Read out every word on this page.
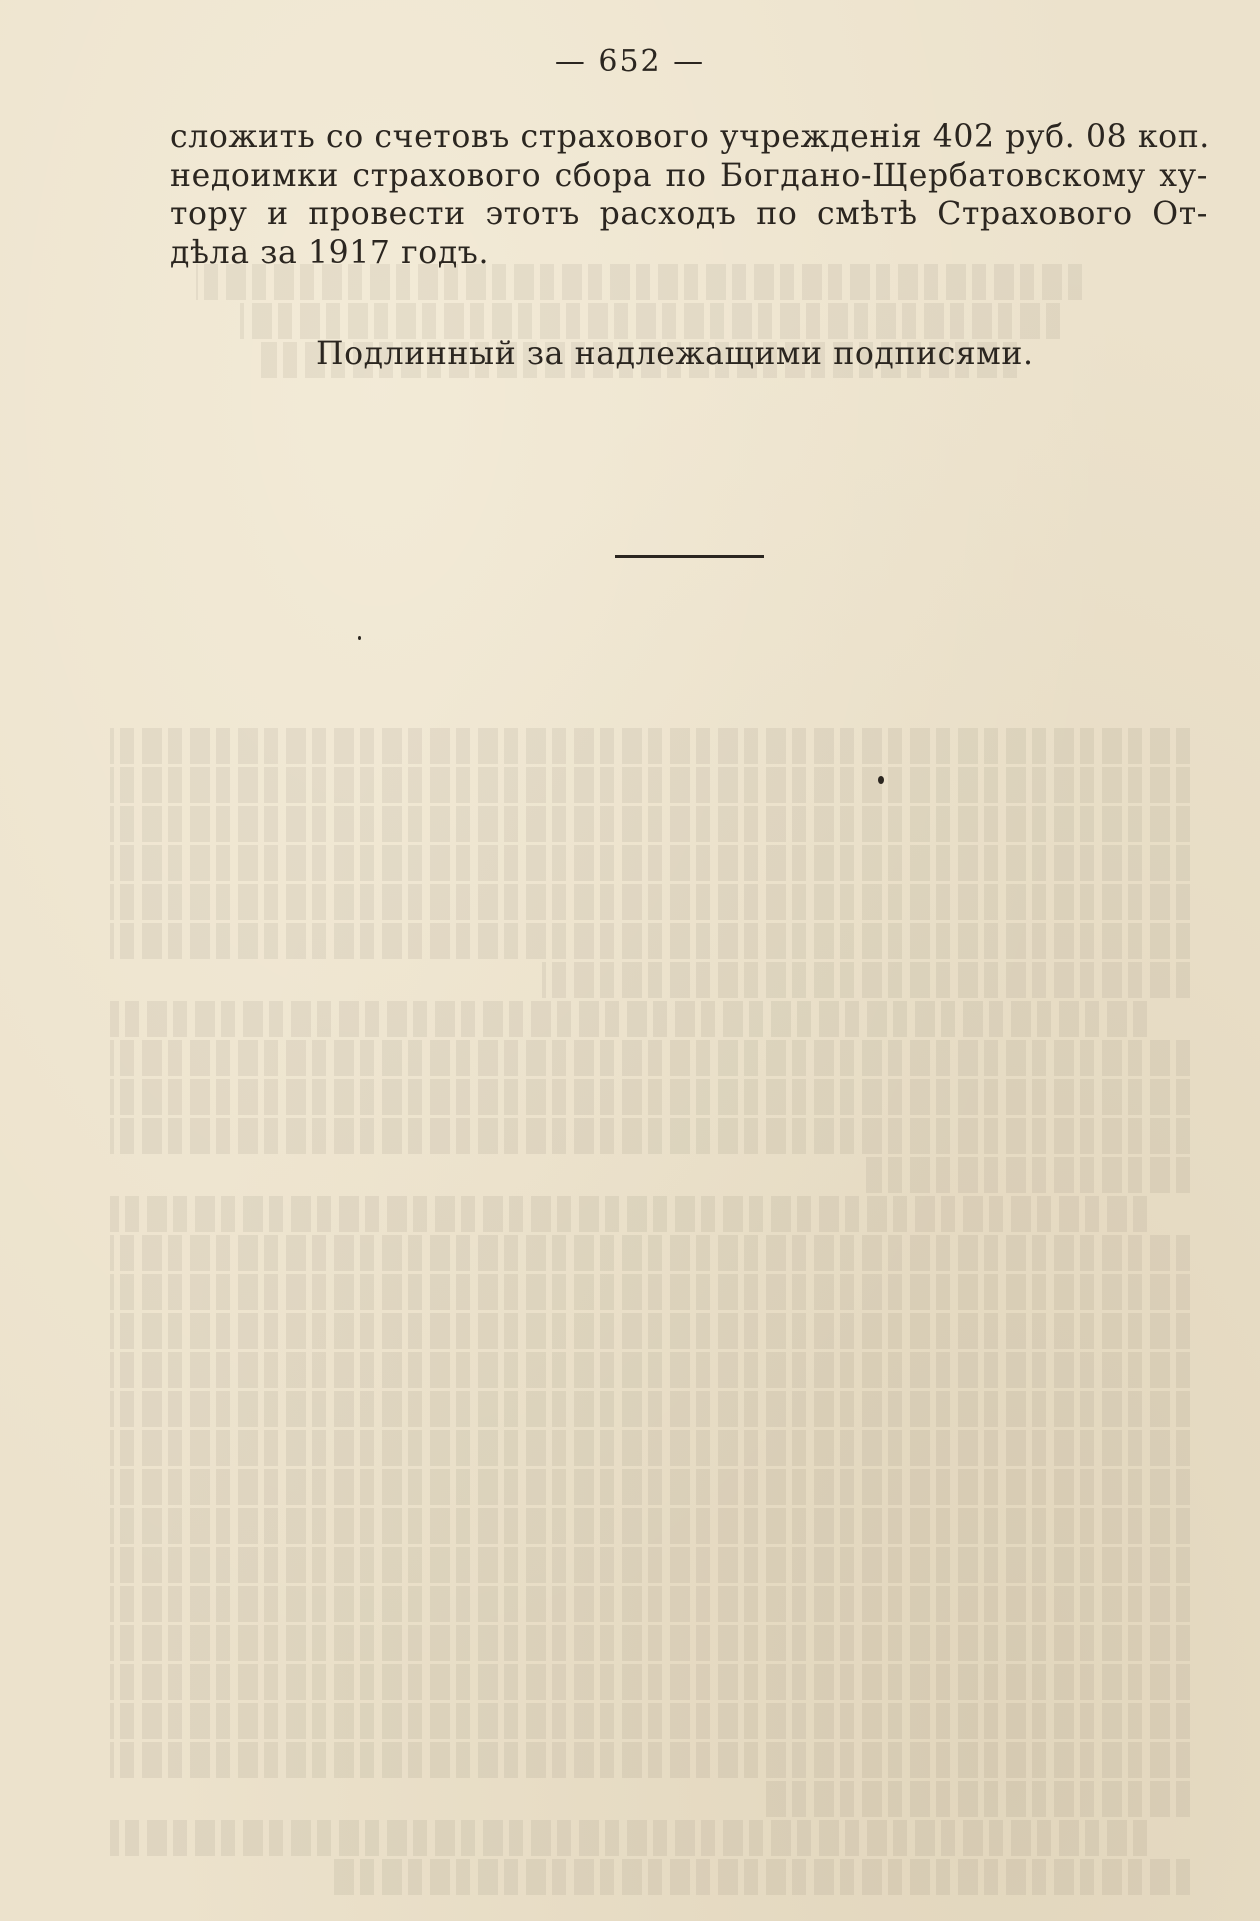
— 652 —
сложить со счетовъ страхового учрежденія 402 руб. 08 коп.
недоимки страхового сбора по Богдано-Щербатовскому ху-
тору и провести этотъ расходъ по смѣтѣ Страхового От-
дѣла за 1917 годъ.
Подлинный за надлежащими подписями.
